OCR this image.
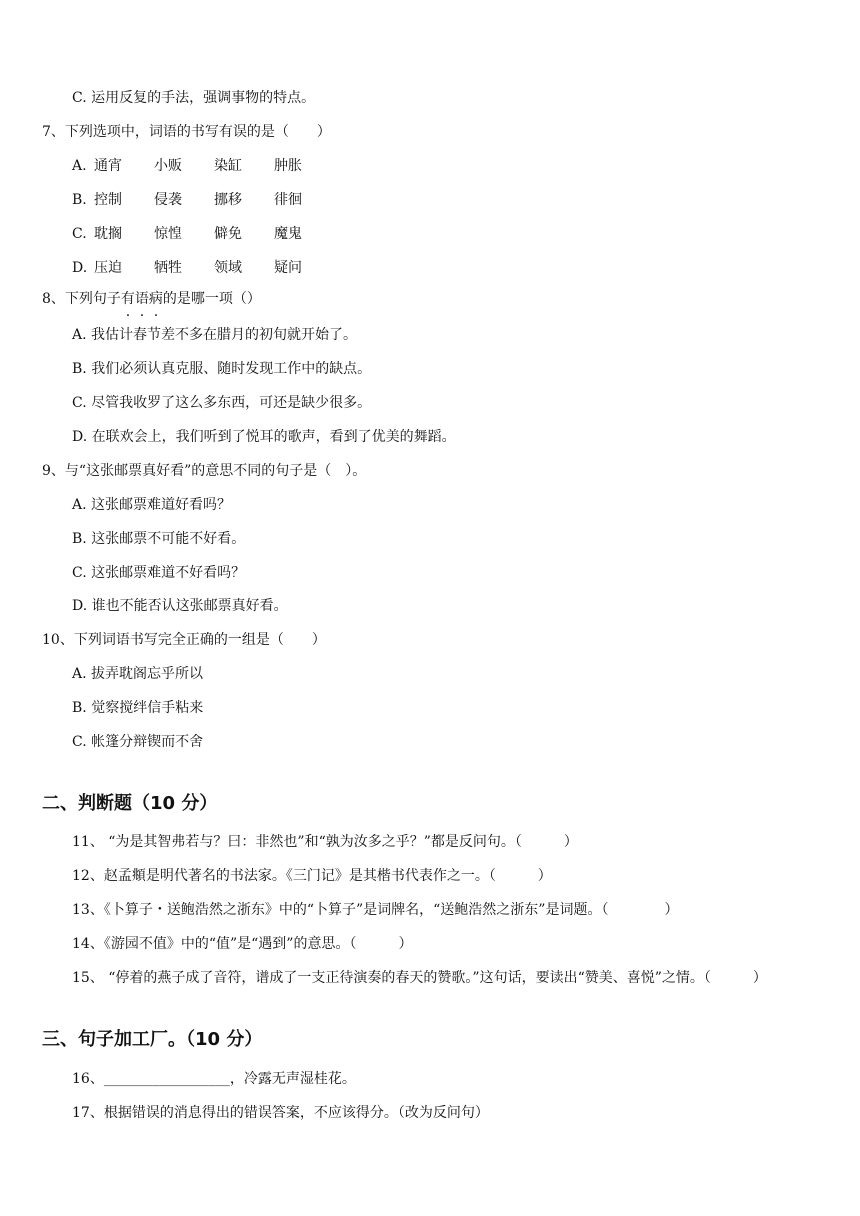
C. 运用反复的手法，强调事物的特点。
7、下列选项中，词语的书写有误的是（　　）
A. 通宵 小贩 染缸 肿胀
B. 控制 侵袭 挪移 徘徊
C. 耽搁 惊惶 僻免 魔鬼
D. 压迫 牺牲 领域 疑问
8、下列句子有语病的是哪一项（）
A. 我估计春节差不多在腊月的初旬就开始了。
B. 我们必须认真克服、随时发现工作中的缺点。
C. 尽管我收罗了这么多东西，可还是缺少很多。
D. 在联欢会上，我们听到了悦耳的歌声，看到了优美的舞蹈。
9、与“这张邮票真好看”的意思不同的句子是（　）。
A. 这张邮票难道好看吗？
B. 这张邮票不可能不好看。
C. 这张邮票难道不好看吗？
D. 谁也不能否认这张邮票真好看。
10、下列词语书写完全正确的一组是（　　）
A. 拔弄耽阁忘乎所以
B. 觉察搅绊信手粘来
C. 帐篷分辩锲而不舍
二、判断题（10 分）
11、 “为是其智弗若与？曰：非然也”和“孰为汝多之乎？”都是反问句。（　　　）
12、赵孟頫是明代著名的书法家。《三门记》是其楷书代表作之一。（　　　）
13、《卜算子・送鲍浩然之浙东》中的“卜算子”是词牌名，“送鲍浩然之浙东”是词题。（　　　　）
14、《游园不值》中的“值”是“遇到”的意思。（　　　）
15、 “停着的燕子成了音符，谱成了一支正待演奏的春天的赞歌。”这句话，要读出“赞美、喜悦”之情。（　　　）
三、句子加工厂。（10 分）
16、__________________，冷露无声湿桂花。
17、根据错误的消息得出的错误答案，不应该得分。（改为反问句）
